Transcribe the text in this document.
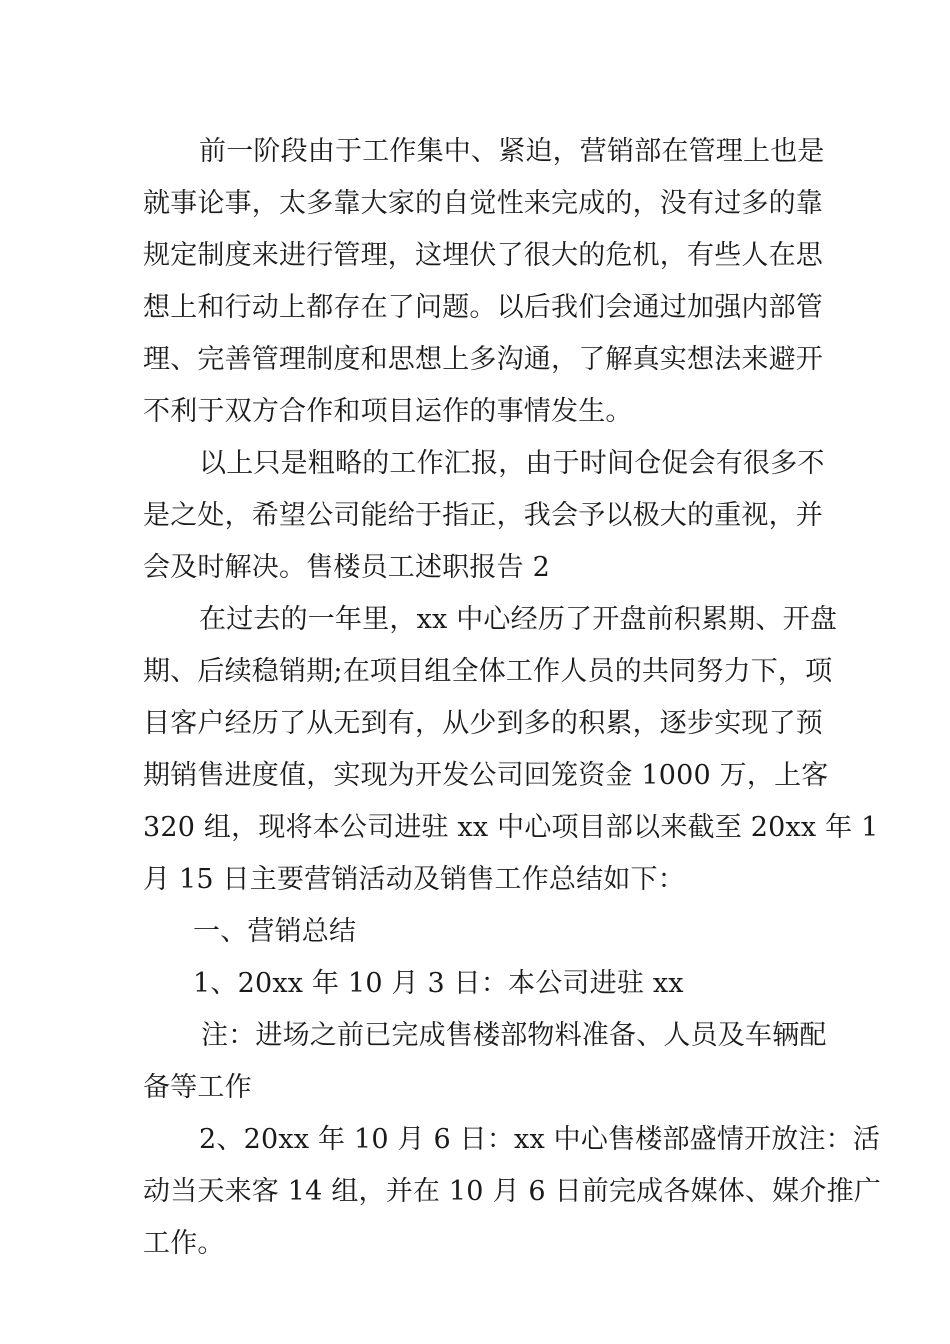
前一阶段由于工作集中、紧迫，营销部在管理上也是
就事论事，太多靠大家的自觉性来完成的，没有过多的靠
规定制度来进行管理，这埋伏了很大的危机，有些人在思
想上和行动上都存在了问题。以后我们会通过加强内部管
理、完善管理制度和思想上多沟通，了解真实想法来避开
不利于双方合作和项目运作的事情发生。
以上只是粗略的工作汇报，由于时间仓促会有很多不
是之处，希望公司能给于指正，我会予以极大的重视，并
会及时解决。售楼员工述职报告 2
在过去的一年里，xx 中心经历了开盘前积累期、开盘
期、后续稳销期;在项目组全体工作人员的共同努力下，项
目客户经历了从无到有，从少到多的积累，逐步实现了预
期销售进度值，实现为开发公司回笼资金 1000 万，上客
320 组，现将本公司进驻 xx 中心项目部以来截至 20xx 年 1
月 15 日主要营销活动及销售工作总结如下：
一、营销总结
1、20xx 年 10 月 3 日：本公司进驻 xx
注：进场之前已完成售楼部物料准备、人员及车辆配
备等工作
2、20xx 年 10 月 6 日：xx 中心售楼部盛情开放注：活
动当天来客 14 组，并在 10 月 6 日前完成各媒体、媒介推广
工作。
